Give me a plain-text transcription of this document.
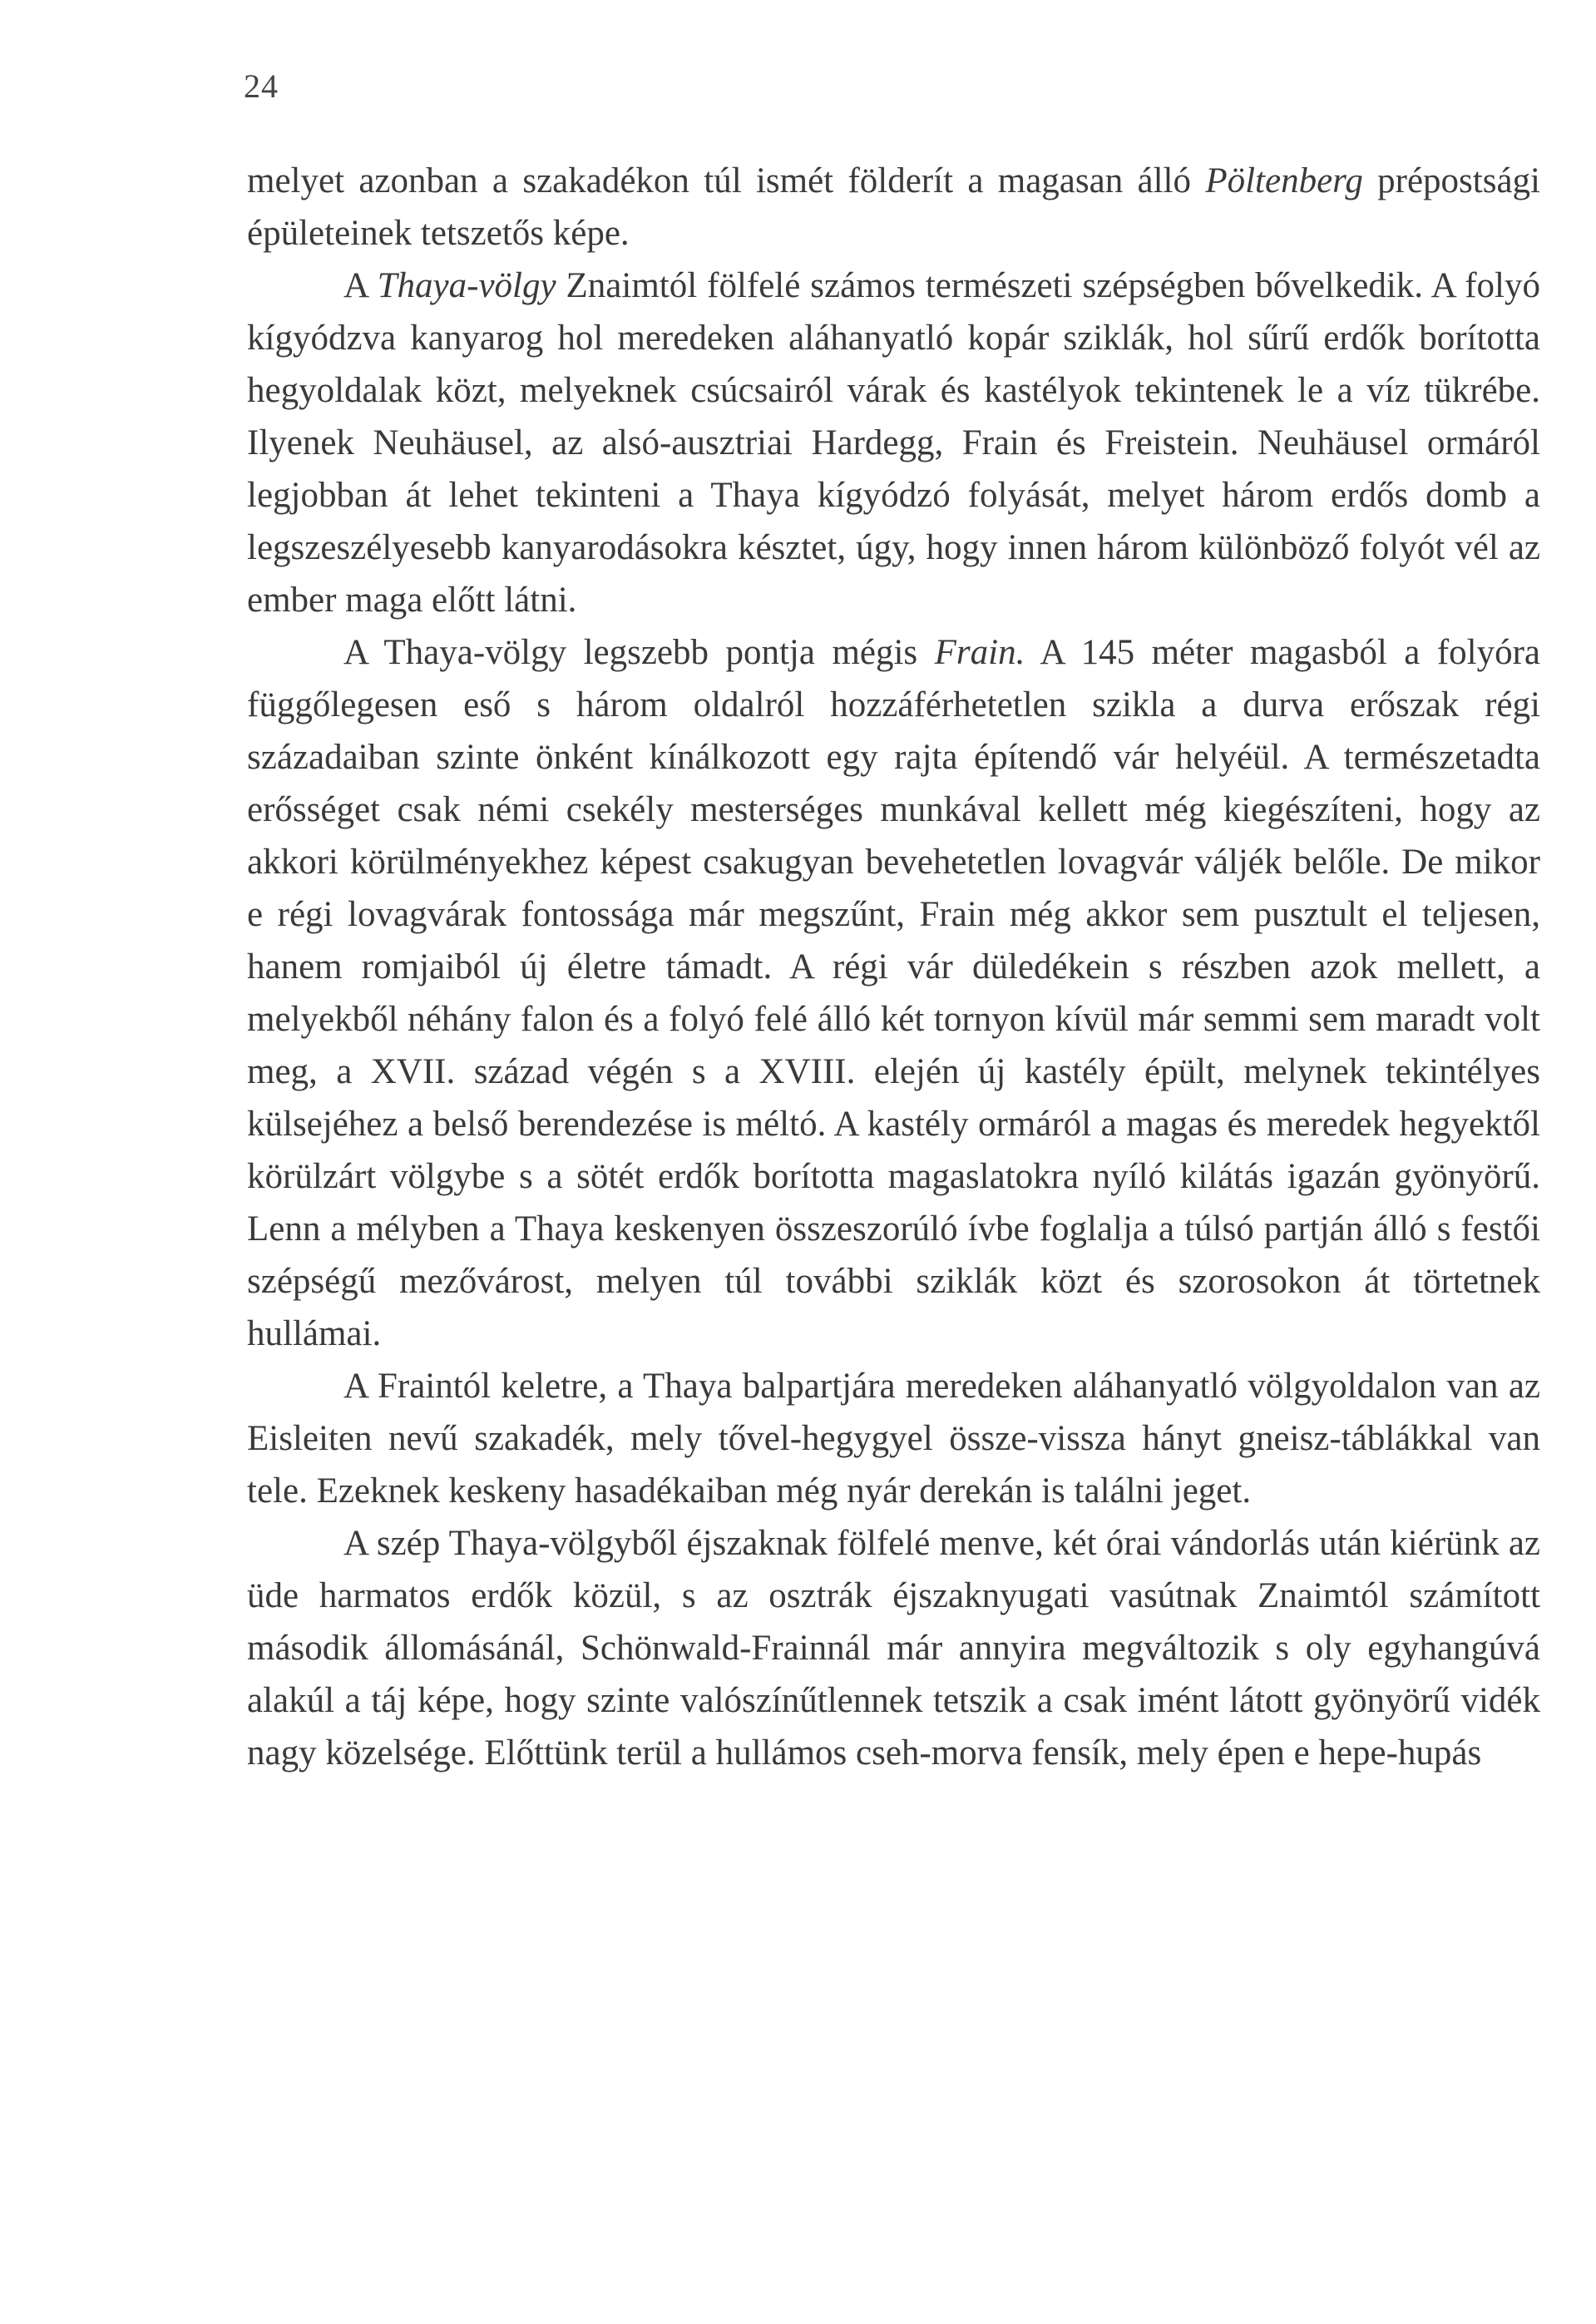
24

melyet azonban a szakadékon túl ismét földerít a magasan álló Pöltenberg prépostsági épületeinek tetszetős képe.

A Thaya-völgy Znaimtól fölfelé számos természeti szépségben bővelkedik. A folyó kígyódzva kanyarog hol meredeken aláhanyatló kopár sziklák, hol sűrű erdők borította hegyoldalak közt, melyeknek csúcsairól várak és kastélyok tekintenek le a víz tükrébe. Ilyenek Neuhäusel, az alsó-ausztriai Hardegg, Frain és Freistein. Neuhäusel ormáról legjobban át lehet tekinteni a Thaya kígyódzó folyását, melyet három erdős domb a legszeszélyesebb kanyarodásokra késztet, úgy, hogy innen három különböző folyót vél az ember maga előtt látni.

A Thaya-völgy legszebb pontja mégis Frain. A 145 méter magasból a folyóra függőlegesen eső s három oldalról hozzáférhetetlen szikla a durva erőszak régi századaiban szinte önként kínálkozott egy rajta építendő vár helyéül. A természetadta erősséget csak némi csekély mesterséges munkával kellett még kiegészíteni, hogy az akkori körülményekhez képest csakugyan bevehetetlen lovagvár váljék belőle. De mikor e régi lovagvárak fontossága már megszűnt, Frain még akkor sem pusztult el teljesen, hanem romjaiból új életre támadt. A régi vár düledékein s részben azok mellett, a melyekből néhány falon és a folyó felé álló két tornyon kívül már semmi sem maradt volt meg, a XVII. század végén s a XVIII. elején új kastély épült, melynek tekintélyes külsejéhez a belső berendezése is méltó. A kastély ormáról a magas és meredek hegyektől körülzárt völgybe s a sötét erdők borította magaslatokra nyíló kilátás igazán gyönyörű. Lenn a mélyben a Thaya keskenyen összeszorúló ívbe foglalja a túlsó partján álló s festői szépségű mezővárost, melyen túl további sziklák közt és szorosokon át törtetnek hullámai.

A Fraintól keletre, a Thaya balpartjára meredeken aláhanyatló völgyoldalon van az Eisleiten nevű szakadék, mely tővel-hegygyel össze-vissza hányt gneisz-táblákkal van tele. Ezeknek keskeny hasadékaiban még nyár derekán is találni jeget.

A szép Thaya-völgyből éjszaknak fölfelé menve, két órai vándorlás után kiérünk az üde harmatos erdők közül, s az osztrák éjszaknyugati vasútnak Znaimtól számított második állomásánál, Schönwald-Frainnál már annyira megváltozik s oly egyhangúvá alakúl a táj képe, hogy szinte valószínűtlennek tetszik a csak imént látott gyönyörű vidék nagy közelsége. Előttünk terül a hullámos cseh-morva fensík, mely épen e hepe-hupás
